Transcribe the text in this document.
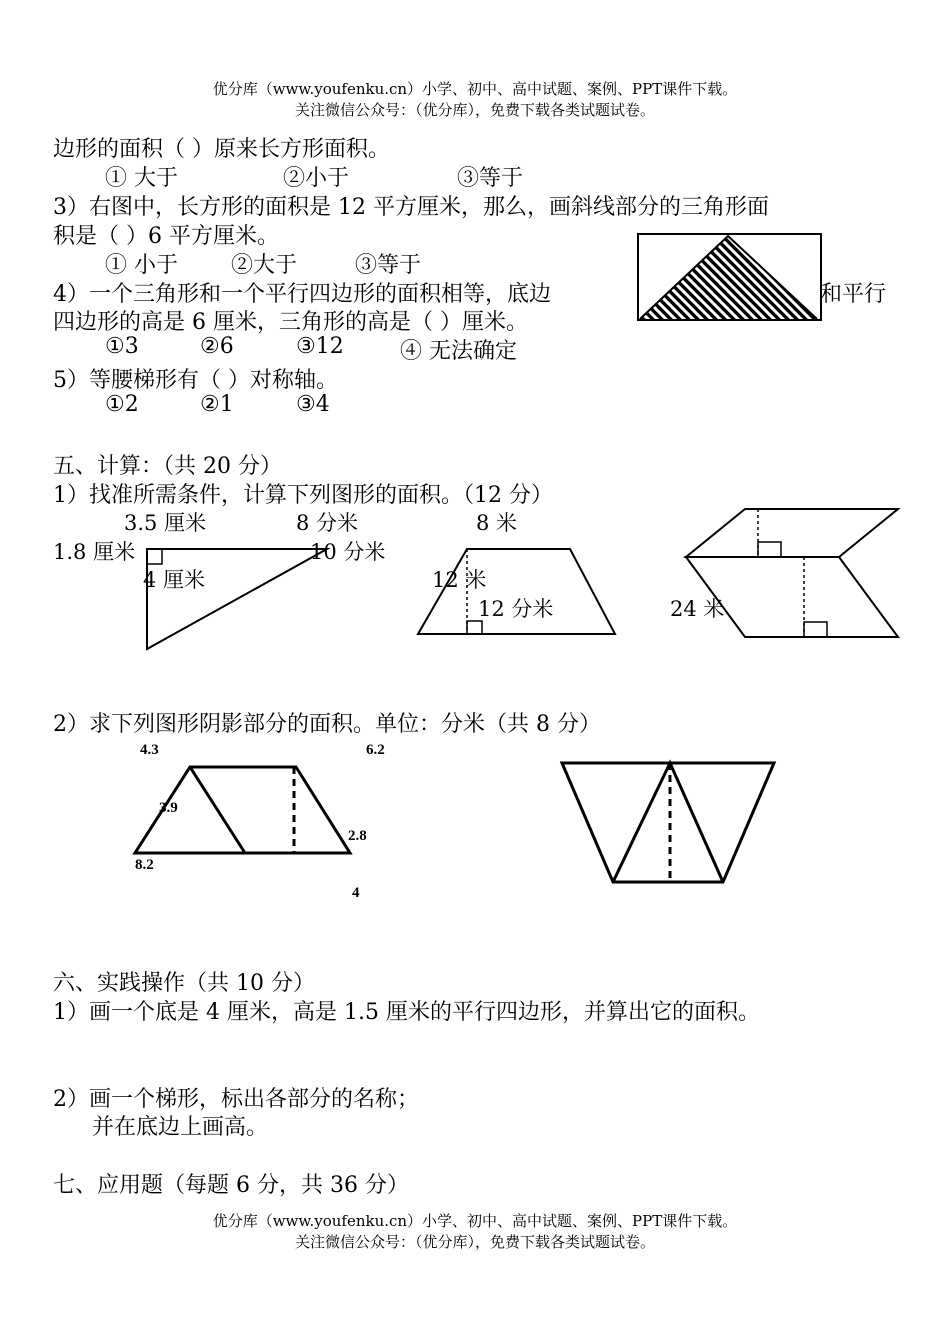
优分库（www.youfenku.cn）小学、初中、高中试题、案例、PPT课件下载。
关注微信公众号：（优分库），免费下载各类试题试卷。
边形的面积（ ）原来长方形面积。
① 大于	②小于	③等于
3）右图中，长方形的面积是 12 平方厘米，那么，画斜线部分的三角形面
积是（ ）6 平方厘米。
① 小于 ②大于	③等于
4）一个三角形和一个平行四边形的面积相等，底边	和平行
四边形的高是 6 厘米，三角形的高是（ ）厘米。
①3	②6	③12	④ 无法确定
5）等腰梯形有（ ）对称轴。
①2	②1	③4
五、计算：（共 20 分）
1）找准所需条件，计算下列图形的面积。（12 分）
3.5 厘米
1.8 厘米
4 厘米
8 分米
10 分米
12 米
12 分米
8 米
24 米
2）求下列图形阴影部分的面积。单位：分米（共 8 分）
4.3	6.2
3.9
2.8
8.2
4
六、实践操作（共 10 分）
1）画一个底是 4 厘米，高是 1.5 厘米的平行四边形，并算出它的面积。
2）画一个梯形，标出各部分的名称；
并在底边上画高。
七、应用题（每题 6 分，共 36 分）
优分库（www.youfenku.cn）小学、初中、高中试题、案例、PPT课件下载。
关注微信公众号：（优分库），免费下载各类试题试卷。
